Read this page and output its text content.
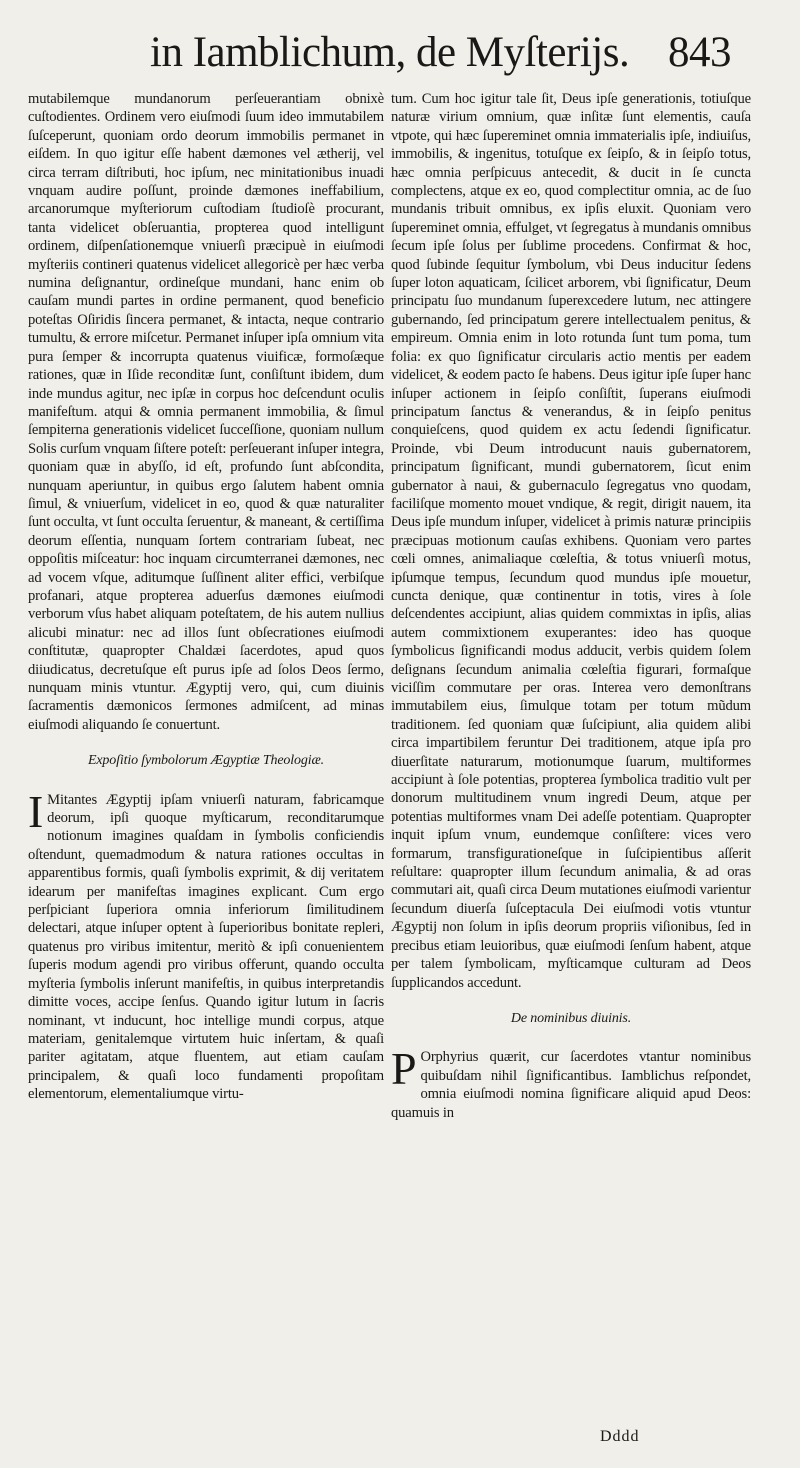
in Iamblichum, de Myſterijs. 843

mutabilemque mundanorum perſeuerantiam obnixè cuſtodientes. Ordinem vero eiuſmodi ſuum ideo immutabilem ſuſceperunt, quoniam ordo deorum immobilis permanet in eiſdem. In quo igitur eſſe habent dæmones vel ætherij, vel circa terram diſtributi, hoc ipſum, nec minitationibus inuadi vnquam audire poſſunt, proinde dæmones ineffabilium, arcanorumque myſteriorum cuſtodiam ſtudioſè procurant, tanta videlicet obſeruantia, propterea quod intelligunt ordinem, diſpenſationemque vniuerſi præcipuè in eiuſmodi myſteriis contineri quatenus videlicet allegoricè per hæc verba numina deſignantur, ordineſque mundani, hanc enim ob cauſam mundi partes in ordine permanent, quod beneficio poteſtas Oſiridis ſincera permanet, & intacta, neque contrario tumultu, & errore miſcetur. Permanet inſuper ipſa omnium vita pura ſemper & incorrupta quatenus viuificæ, formoſæque rationes, quæ in Iſide reconditæ ſunt, conſiſtunt ibidem, dum inde mundus agitur, nec ipſæ in corpus hoc deſcendunt oculis manifeſtum. atqui & omnia permanent immobilia, & ſimul ſempiterna generationis videlicet ſucceſſione, quoniam nullum Solis curſum vnquam ſiſtere poteſt: perſeuerant inſuper integra, quoniam quæ in abyſſo, id eſt, profundo ſunt abſcondita, nunquam aperiuntur, in quibus ergo ſalutem habent omnia ſimul, & vniuerſum, videlicet in eo, quod & quæ naturaliter ſunt occulta, vt ſunt occulta ſeruentur, & maneant, & certiſſima deorum eſſentia, nunquam ſortem contrariam ſubeat, nec oppoſitis miſceatur: hoc inquam circumterranei dæmones, nec ad vocem vſque, aditumque ſuſſinent aliter effici, verbiſque profanari, atque propterea aduerſus dæmones eiuſmodi verborum vſus habet aliquam poteſtatem, de his autem nullius alicubi minatur: nec ad illos ſunt obſecrationes eiuſmodi conſtitutæ, quapropter Chaldæi ſacerdotes, apud quos diiudicatus, decretuſque eſt purus ipſe ad ſolos Deos ſermo, nunquam minis vtuntur. Ægyptij vero, qui, cum diuinis ſacramentis dæmonicos ſermones admiſcent, ad minas eiuſmodi aliquando ſe conuertunt.

Expoſitio ſymbolorum Ægyptiæ Theologiæ.

I Mitantes Ægyptij ipſam vniuerſi naturam, fabricamque deorum, ipſi quoque myſticarum, reconditarumque notionum imagines quaſdam in ſymbolis conficiendis oſtendunt, quemadmodum & natura rationes occultas in apparentibus formis, quaſi ſymbolis exprimit, & dij veritatem idearum per manifeſtas imagines explicant. Cum ergo perſpiciant ſuperiora omnia inferiorum ſimilitudinem delectari, atque inſuper optent à ſuperioribus bonitate repleri, quatenus pro viribus imitentur, meritò & ipſi conuenientem ſuperis modum agendi pro viribus offerunt, quando occulta myſteria ſymbolis inſerunt manifeſtis, in quibus interpretandis dimitte voces, accipe ſenſus. Quando igitur lutum in ſacris nominant, vt inducunt, hoc intellige mundi corpus, atque materiam, genitalemque virtutem huic inſertam, & quaſi pariter agitatam, atque fluentem, aut etiam cauſam principalem, & quaſi loco fundamenti propoſitam elementorum, elementaliumque virtu-

tum. Cum hoc igitur tale ſit, Deus ipſe generationis, totiuſque naturæ virium omnium, quæ inſitæ ſunt elementis, cauſa vtpote, qui hæc ſupereminet omnia immaterialis ipſe, indiuiſus, immobilis, & ingenitus, totuſque ex ſeipſo, & in ſeipſo totus, hæc omnia perſpicuus antecedit, & ducit in ſe cuncta complectens, atque ex eo, quod complectitur omnia, ac de ſuo mundanis tribuit omnibus, ex ipſis eluxit. Quoniam vero ſupereminet omnia, effulget, vt ſegregatus à mundanis omnibus ſecum ipſe ſolus per ſublime procedens. Confirmat & hoc, quod ſubinde ſequitur ſymbolum, vbi Deus inducitur ſedens ſuper loton aquaticam, ſcilicet arborem, vbi ſignificatur, Deum principatu ſuo mundanum ſuperexcedere lutum, nec attingere gubernando, ſed principatum gerere intellectualem penitus, & empireum. Omnia enim in loto rotunda ſunt tum poma, tum folia: ex quo ſignificatur circularis actio mentis per eadem videlicet, & eodem pacto ſe habens. Deus igitur ipſe ſuper hanc inſuper actionem in ſeipſo conſiſtit, ſuperans eiuſmodi principatum ſanctus & venerandus, & in ſeipſo penitus conquieſcens, quod quidem ex actu ſedendi ſignificatur. Proinde, vbi Deum introducunt nauis gubernatorem, principatum ſignificant, mundi gubernatorem, ſicut enim gubernator à naui, & gubernaculo ſegregatus vno quodam, faciliſque momento mouet vndique, & regit, dirigit nauem, ita Deus ipſe mundum inſuper, videlicet à primis naturæ principiis præcipuas motionum cauſas exhibens. Quoniam vero partes cœli omnes, animaliaque cœleſtia, & totus vniuerſi motus, ipſumque tempus, ſecundum quod mundus ipſe mouetur, cuncta denique, quæ continentur in totis, vires à ſole deſcendentes accipiunt, alias quidem commixtas in ipſis, alias autem commixtionem exuperantes: ideo has quoque ſymbolicus ſignificandi modus adducit, verbis quidem ſolem deſignans ſecundum animalia cœleſtia figurari, formaſque viciſſim commutare per oras. Interea vero demonſtrans immutabilem eius, ſimulque totam per totum mũdum traditionem. ſed quoniam quæ ſuſcipiunt, alia quidem alibi circa impartibilem feruntur Dei traditionem, atque ipſa pro diuerſitate naturarum, motionumque ſuarum, multiformes accipiunt à ſole potentias, propterea ſymbolica traditio vult per donorum multitudinem vnum ingredi Deum, atque per potentias multiformes vnam Dei adeſſe potentiam. Quapropter inquit ipſum vnum, eundemque conſiſtere: vices vero formarum, transfigurationeſque in ſuſcipientibus aſſerit reſultare: quapropter illum ſecundum animalia, & ad oras commutari ait, quaſi circa Deum mutationes eiuſmodi varientur ſecundum diuerſa ſuſceptacula Dei eiuſmodi votis vtuntur Ægyptij non ſolum in ipſis deorum propriis viſionibus, ſed in precibus etiam leuioribus, quæ eiuſmodi ſenſum habent, atque per talem ſymbolicam, myſticamque culturam ad Deos ſupplicandos accedunt.

De nominibus diuinis.

P Orphyrius quærit, cur ſacerdotes vtantur nominibus quibuſdam nihil ſignificantibus. Iamblichus reſpondet, omnia eiuſmodi nomina ſignificare aliquid apud Deos: quamuis in

Dddd
